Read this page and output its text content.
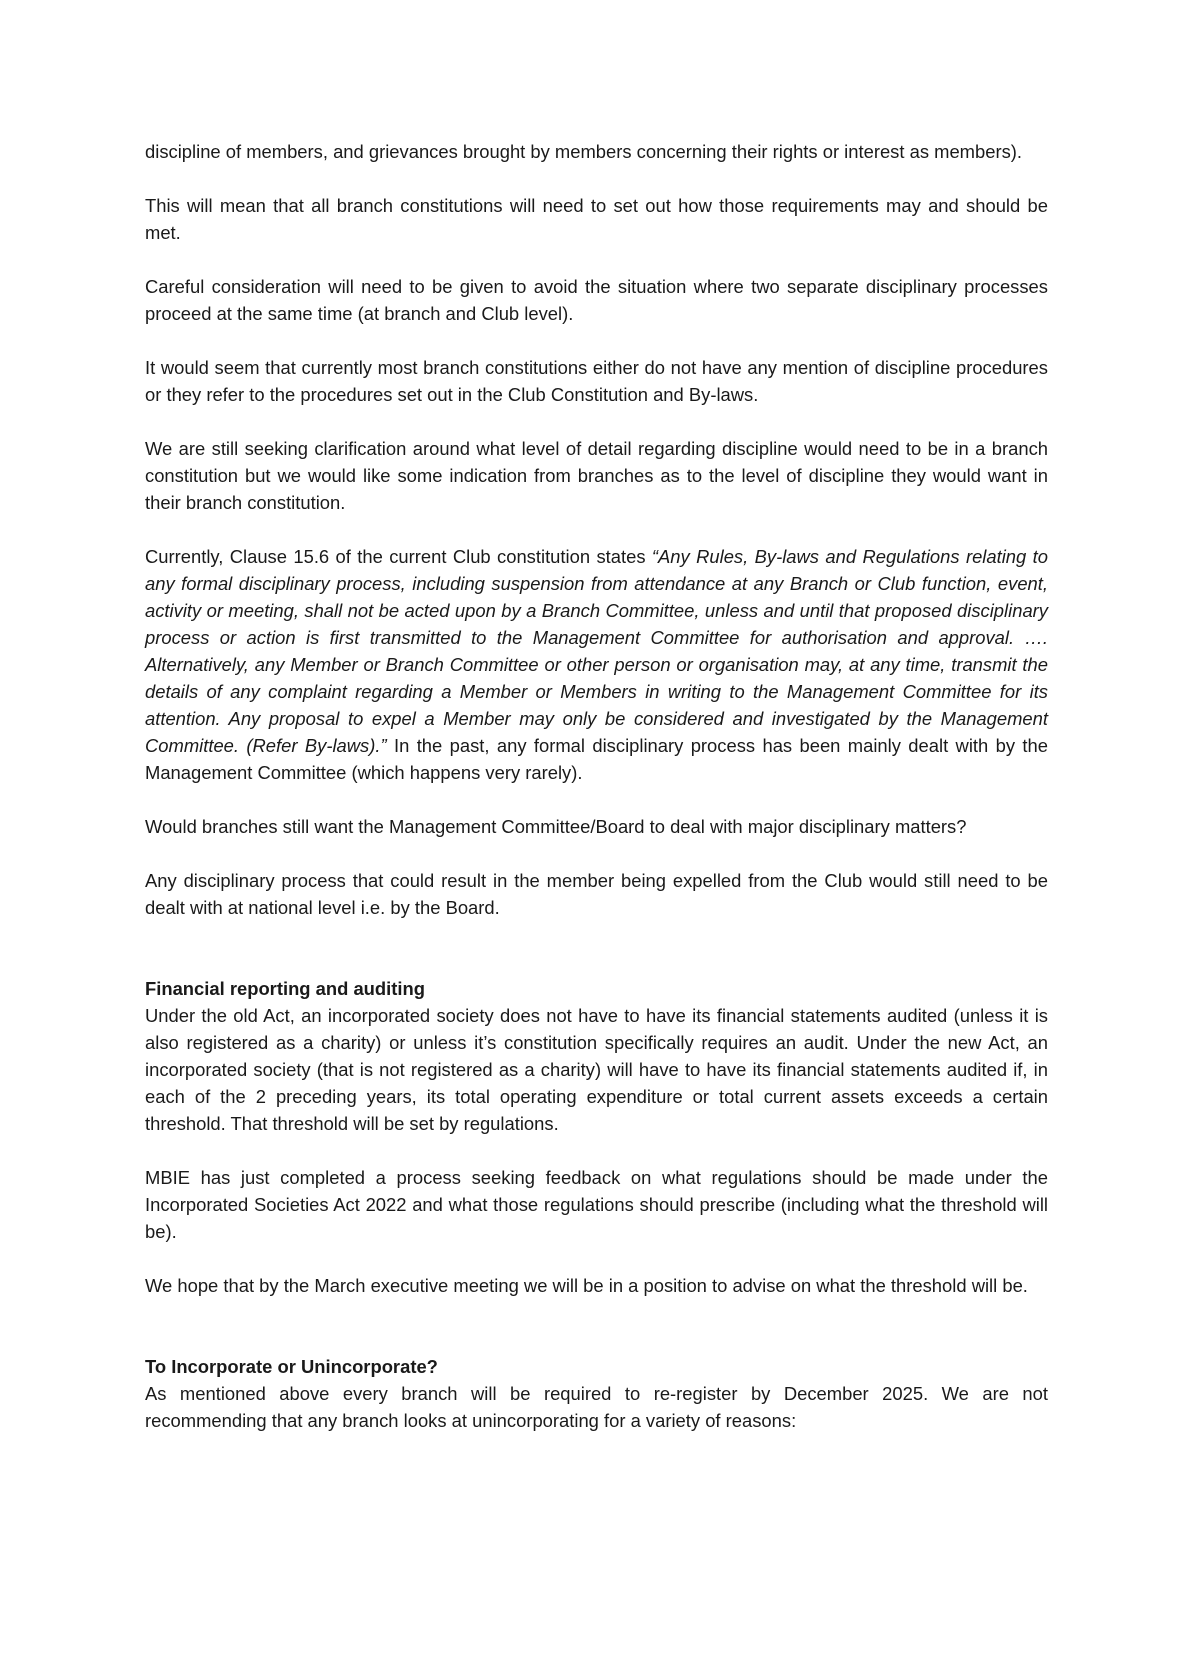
discipline of members, and grievances brought by members concerning their rights or interest as members).

This will mean that all branch constitutions will need to set out how those requirements may and should be met.

Careful consideration will need to be given to avoid the situation where two separate disciplinary processes proceed at the same time (at branch and Club level).

It would seem that currently most branch constitutions either do not have any mention of discipline procedures or they refer to the procedures set out in the Club Constitution and By-laws.

We are still seeking clarification around what level of detail regarding discipline would need to be in a branch constitution but we would like some indication from branches as to the level of discipline they would want in their branch constitution.

Currently, Clause 15.6 of the current Club constitution states “Any Rules, By-laws and Regulations relating to any formal disciplinary process, including suspension from attendance at any Branch or Club function, event, activity or meeting, shall not be acted upon by a Branch Committee, unless and until that proposed disciplinary process or action is first transmitted to the Management Committee for authorisation and approval. …. Alternatively, any Member or Branch Committee or other person or organisation may, at any time, transmit the details of any complaint regarding a Member or Members in writing to the Management Committee for its attention. Any proposal to expel a Member may only be considered and investigated by the Management Committee. (Refer By-laws).” In the past, any formal disciplinary process has been mainly dealt with by the Management Committee (which happens very rarely).

Would branches still want the Management Committee/Board to deal with major disciplinary matters?

Any disciplinary process that could result in the member being expelled from the Club would still need to be dealt with at national level i.e. by the Board.

Financial reporting and auditing

Under the old Act, an incorporated society does not have to have its financial statements audited (unless it is also registered as a charity) or unless it’s constitution specifically requires an audit. Under the new Act, an incorporated society (that is not registered as a charity) will have to have its financial statements audited if, in each of the 2 preceding years, its total operating expenditure or total current assets exceeds a certain threshold. That threshold will be set by regulations.

MBIE has just completed a process seeking feedback on what regulations should be made under the Incorporated Societies Act 2022 and what those regulations should prescribe (including what the threshold will be).

We hope that by the March executive meeting we will be in a position to advise on what the threshold will be.

To Incorporate or Unincorporate?

As mentioned above every branch will be required to re-register by December 2025. We are not recommending that any branch looks at unincorporating for a variety of reasons:
